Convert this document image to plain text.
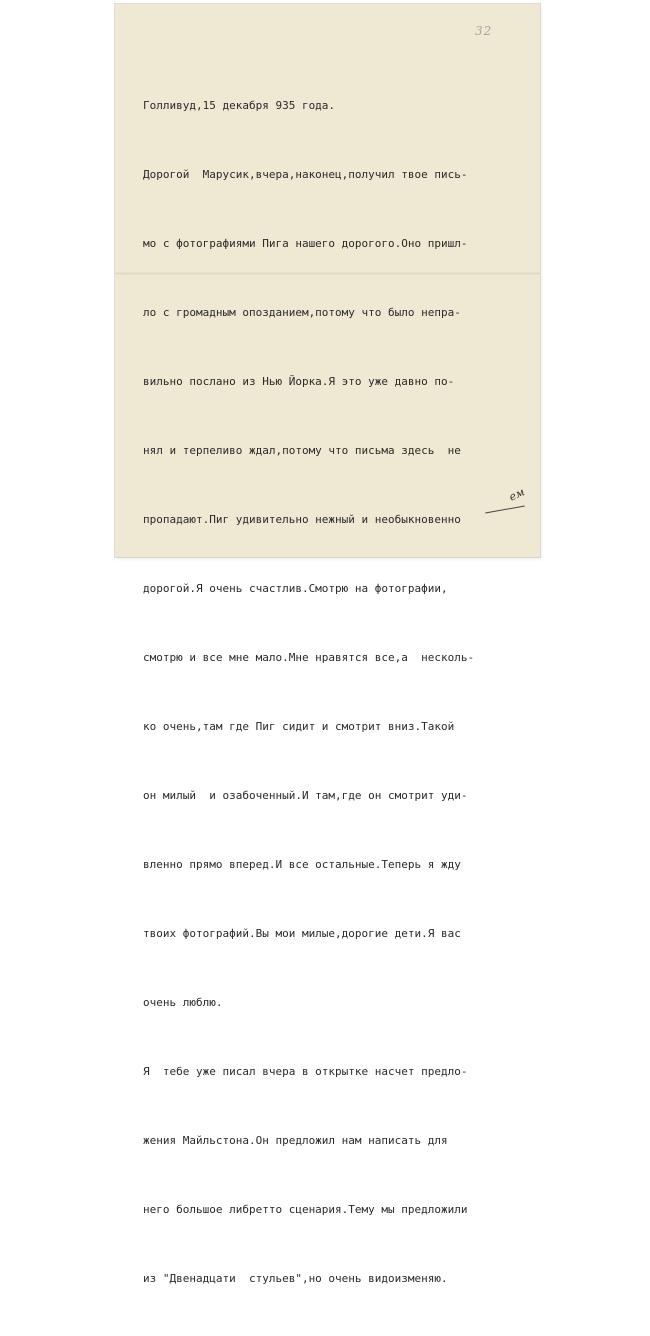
32

Голливуд,15 декабря 935 года.

Дорогой  Марусик,вчера,наконец,получил твое пись-

мо с фотографиями Пига нашего дорогого.Оно пришл-

ло с громадным опозданием,потому что было непра-

вильно послано из Нью Йорка.Я это уже давно по-

нял и терпеливо ждал,потому что письма здесь  не

пропадают.Пиг удивительно нежный и необыкновенно

дорогой.Я очень счастлив.Смотрю на фотографии,

смотрю и все мне мало.Мне нравятся все,а  несколь-

ко очень,там где Пиг сидит и смотрит вниз.Такой

он милый  и озабоченный.И там,где он смотрит уди-

вленно прямо вперед.И все остальные.Теперь я жду

твоих фотографий.Вы мои милые,дорогие дети.Я вас

очень люблю.

Я  тебе уже писал вчера в открытке насчет предло-

жения Майльстона.Он предложил нам написать для

него большое либретто сценария.Тему мы предложили

из "Двенадцати  стульев",но очень видоизменяю.

ем
